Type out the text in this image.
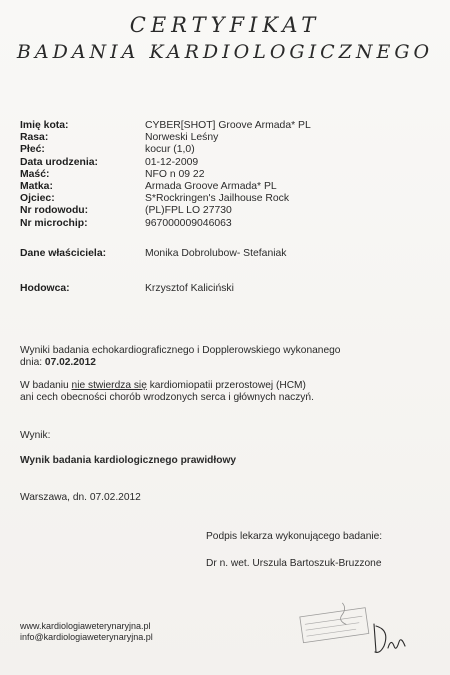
CERTYFIKAT
BADANIA KARDIOLOGICZNEGO
Imię kota:	CYBER[SHOT] Groove Armada* PL
Rasa:	Norweski Leśny
Płeć:	kocur (1,0)
Data urodzenia:	01-12-2009
Maść:	NFO n 09 22
Matka:	Armada Groove Armada* PL
Ojciec:	S*Rockringen's Jailhouse Rock
Nr rodowodu:	(PL)FPL LO 27730
Nr microchip:	967000009046063
Dane właściciela:	Monika Dobrolubow- Stefaniak
Hodowca:	Krzysztof Kaliciński
Wyniki badania echokardiograficznego i Dopplerowskiego wykonanego
dnia: 07.02.2012
W badaniu nie stwierdza się kardiomiopatii przerostowej (HCM)
ani cech obecności chorób wrodzonych serca i głównych naczyń.
Wynik:
Wynik badania kardiologicznego prawidłowy
Warszawa, dn. 07.02.2012
Podpis lekarza wykonującego badanie:
Dr n. wet. Urszula Bartoszuk-Bruzzone
www.kardiologiaweterynaryjna.pl
info@kardiologiaweterynaryjna.pl
